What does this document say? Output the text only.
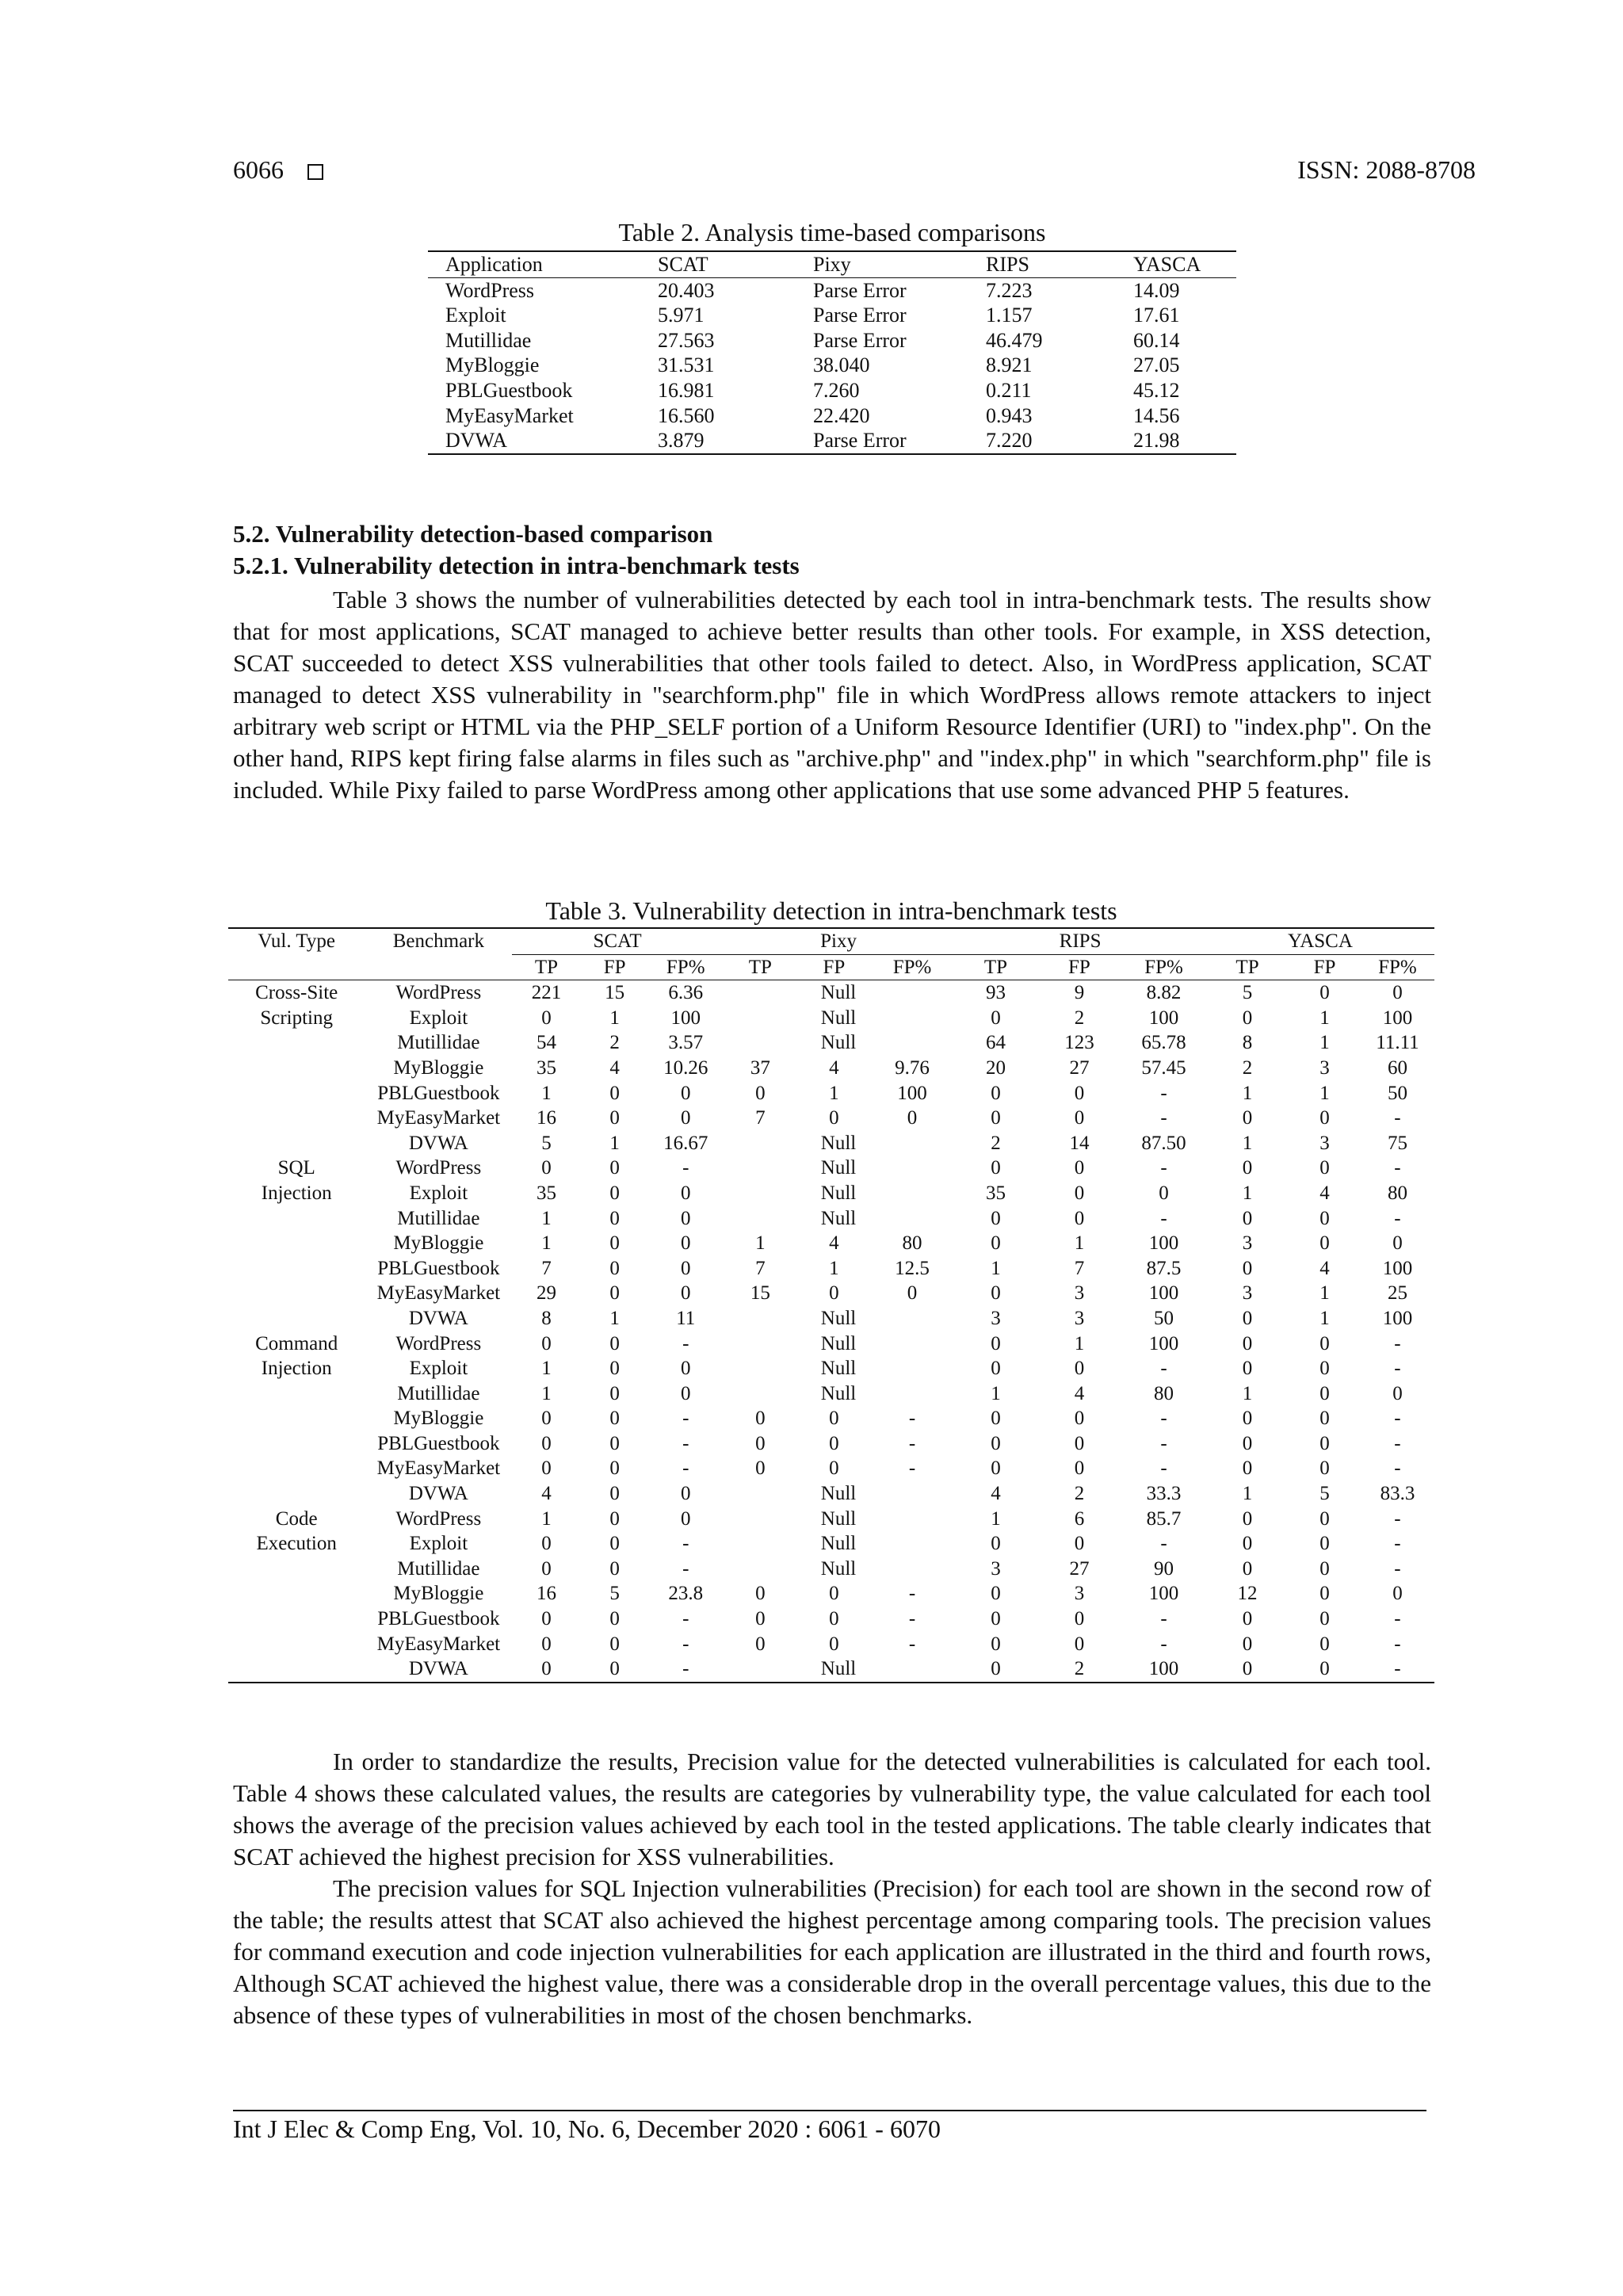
6066	ISSN: 2088-8708
Table 2. Analysis time-based comparisons
Application	SCAT	Pixy	RIPS	YASCA
WordPress	20.403	Parse Error	7.223	14.09
Exploit	5.971	Parse Error	1.157	17.61
Mutillidae	27.563	Parse Error	46.479	60.14
MyBloggie	31.531	38.040	8.921	27.05
PBLGuestbook	16.981	7.260	0.211	45.12
MyEasyMarket	16.560	22.420	0.943	14.56
DVWA	3.879	Parse Error	7.220	21.98
5.2. Vulnerability detection-based comparison
5.2.1. Vulnerability detection in intra-benchmark tests

Table 3 shows the number of vulnerabilities detected by each tool in intra-benchmark tests. The results show that for most applications, SCAT managed to achieve better results than other tools. For example, in XSS detection, SCAT succeeded to detect XSS vulnerabilities that other tools failed to detect. Also, in WordPress application, SCAT managed to detect XSS vulnerability in "searchform.php" file in which WordPress allows remote attackers to inject arbitrary web script or HTML via the PHP_SELF portion of a Uniform Resource Identifier (URI) to "index.php". On the other hand, RIPS kept firing false alarms in files such as "archive.php" and "index.php" in which "searchform.php" file is included. While Pixy failed to parse WordPress among other applications that use some advanced PHP 5 features.

Table 3. Vulnerability detection in intra-benchmark tests
Vul. Type	Benchmark	SCAT			Pixy			RIPS			YASCA		
		TP	FP	FP%	TP	FP	FP%	TP	FP	FP%	TP	FP	FP%
Cross-Site	WordPress	221	15	6.36	Null			93	9	8.82	5	0	0
Scripting	Exploit	0	1	100	Null			0	2	100	0	1	100
	Mutillidae	54	2	3.57	Null			64	123	65.78	8	1	11.11
	MyBloggie	35	4	10.26	37	4	9.76	20	27	57.45	2	3	60
	PBLGuestbook	1	0	0	0	1	100	0	0	-	1	1	50
	MyEasyMarket	16	0	0	7	0	0	0	0	-	0	0	-
	DVWA	5	1	16.67	Null			2	14	87.50	1	3	75
SQL	WordPress	0	0	-	Null			0	0	-	0	0	-
Injection	Exploit	35	0	0	Null			35	0	0	1	4	80
	Mutillidae	1	0	0	Null			0	0	-	0	0	-
	MyBloggie	1	0	0	1	4	80	0	1	100	3	0	0
	PBLGuestbook	7	0	0	7	1	12.5	1	7	87.5	0	4	100
	MyEasyMarket	29	0	0	15	0	0	0	3	100	3	1	25
	DVWA	8	1	11	Null			3	3	50	0	1	100
Command	WordPress	0	0	-	Null			0	1	100	0	0	-
Injection	Exploit	1	0	0	Null			0	0	-	0	0	-
	Mutillidae	1	0	0	Null			1	4	80	1	0	0
	MyBloggie	0	0	-	0	0	-	0	0	-	0	0	-
	PBLGuestbook	0	0	-	0	0	-	0	0	-	0	0	-
	MyEasyMarket	0	0	-	0	0	-	0	0	-	0	0	-
	DVWA	4	0	0	Null			4	2	33.3	1	5	83.3
Code	WordPress	1	0	0	Null			1	6	85.7	0	0	-
Execution	Exploit	0	0	-	Null			0	0	-	0	0	-
	Mutillidae	0	0	-	Null			3	27	90	0	0	-
	MyBloggie	16	5	23.8	0	0	-	0	3	100	12	0	0
	PBLGuestbook	0	0	-	0	0	-	0	0	-	0	0	-
	MyEasyMarket	0	0	-	0	0	-	0	0	-	0	0	-
	DVWA	0	0	-	Null			0	2	100	0	0	-

In order to standardize the results, Precision value for the detected vulnerabilities is calculated for each tool. Table 4 shows these calculated values, the results are categories by vulnerability type, the value calculated for each tool shows the average of the precision values achieved by each tool in the tested applications. The table clearly indicates that SCAT achieved the highest precision for XSS vulnerabilities.

The precision values for SQL Injection vulnerabilities (Precision) for each tool are shown in the second row of the table; the results attest that SCAT also achieved the highest percentage among comparing tools. The precision values for command execution and code injection vulnerabilities for each application are illustrated in the third and fourth rows, Although SCAT achieved the highest value, there was a considerable drop in the overall percentage values, this due to the absence of these types of vulnerabilities in most of the chosen benchmarks.

Int J Elec & Comp Eng, Vol. 10, No. 6, December 2020 : 6061 - 6070
